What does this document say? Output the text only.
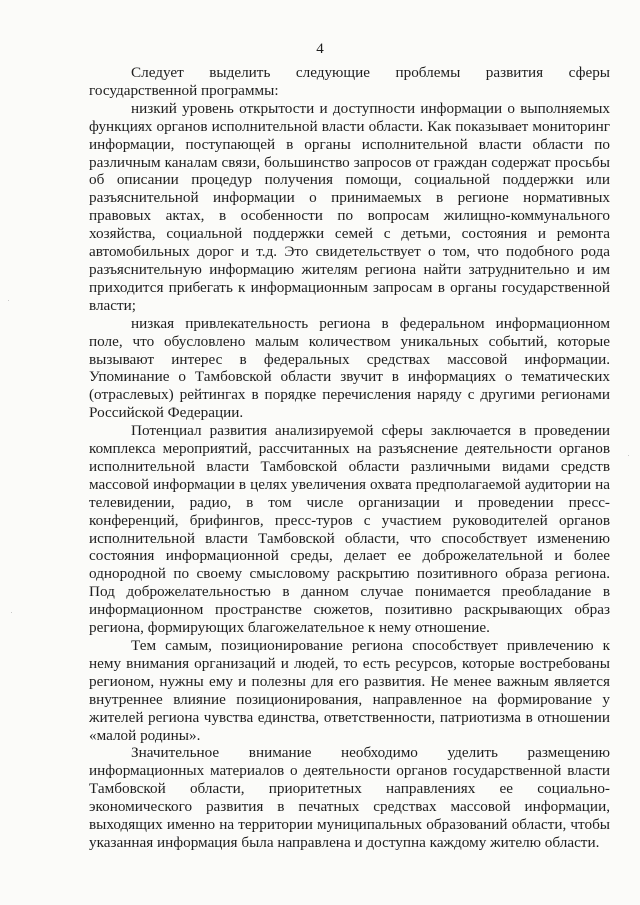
4

Следует выделить следующие проблемы развития сферы государственной программы:

низкий уровень открытости и доступности информации о выполняемых функциях органов исполнительной власти области. Как показывает мониторинг информации, поступающей в органы исполнительной власти области по различным каналам связи, большинство запросов от граждан содержат просьбы об описании процедур получения помощи, социальной поддержки или разъяснительной информации о принимаемых в регионе нормативных правовых актах, в особенности по вопросам жилищно-коммунального хозяйства, социальной поддержки семей с детьми, состояния и ремонта автомобильных дорог и т.д. Это свидетельствует о том, что подобного рода разъяснительную информацию жителям региона найти затруднительно и им приходится прибегать к информационным запросам в органы государственной власти;

низкая привлекательность региона в федеральном информационном поле, что обусловлено малым количеством уникальных событий, которые вызывают интерес в федеральных средствах массовой информации. Упоминание о Тамбовской области звучит в информациях о тематических (отраслевых) рейтингах в порядке перечисления наряду с другими регионами Российской Федерации.

Потенциал развития анализируемой сферы заключается в проведении комплекса мероприятий, рассчитанных на разъяснение деятельности органов исполнительной власти Тамбовской области различными видами средств массовой информации в целях увеличения охвата предполагаемой аудитории на телевидении, радио, в том числе организации и проведении пресс-конференций, брифингов, пресс-туров с участием руководителей органов исполнительной власти Тамбовской области, что способствует изменению состояния информационной среды, делает ее доброжелательной и более однородной по своему смысловому раскрытию позитивного образа региона. Под доброжелательностью в данном случае понимается преобладание в информационном пространстве сюжетов, позитивно раскрывающих образ региона, формирующих благожелательное к нему отношение.

Тем самым, позиционирование региона способствует привлечению к нему внимания организаций и людей, то есть ресурсов, которые востребованы регионом, нужны ему и полезны для его развития. Не менее важным является внутреннее влияние позиционирования, направленное на формирование у жителей региона чувства единства, ответственности, патриотизма в отношении «малой родины».

Значительное внимание необходимо уделить размещению информационных материалов о деятельности органов государственной власти Тамбовской области, приоритетных направлениях ее социально-экономического развития в печатных средствах массовой информации, выходящих именно на территории муниципальных образований области, чтобы указанная информация была направлена и доступна каждому жителю области.
